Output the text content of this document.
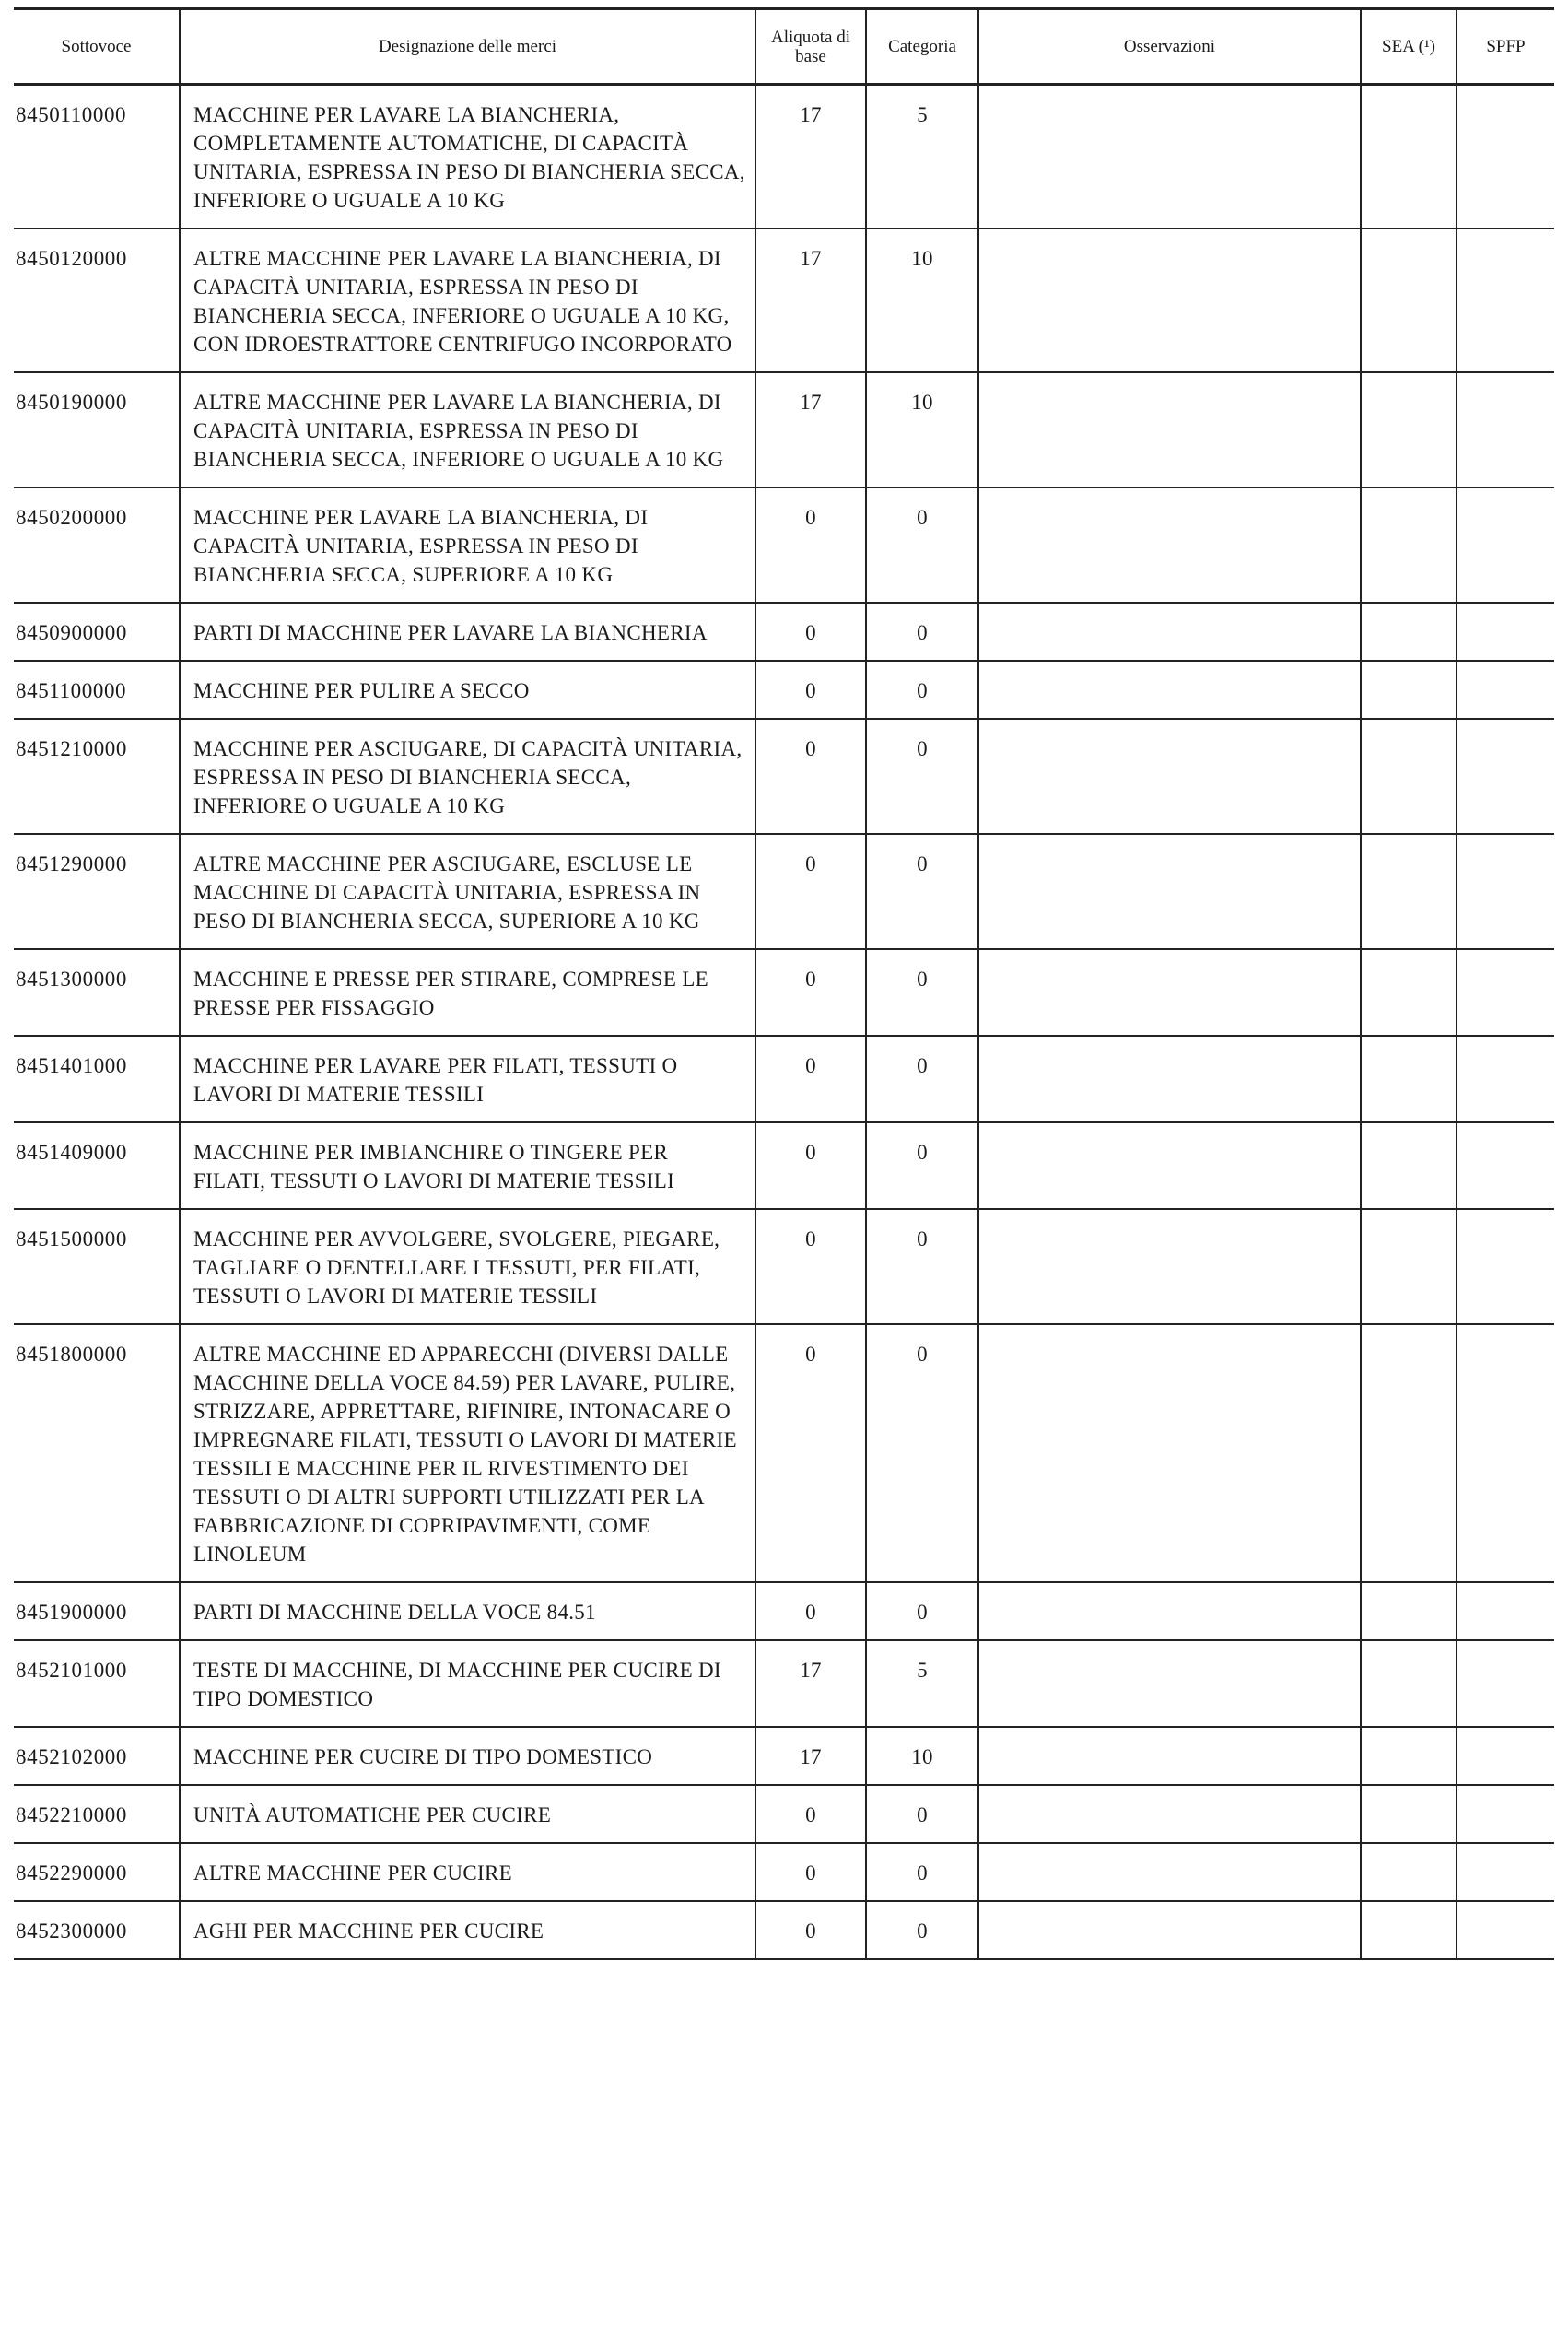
Sottovoce	Designazione delle merci	Aliquota di base	Categoria	Osservazioni	SEA (¹)	SPFP
8450110000	MACCHINE PER LAVARE LA BIANCHERIA, COMPLETAMENTE AUTOMATICHE, DI CAPACITÀ UNITARIA, ESPRESSA IN PESO DI BIANCHERIA SECCA, INFERIORE O UGUALE A 10 KG	17	5			
8450120000	ALTRE MACCHINE PER LAVARE LA BIANCHERIA, DI CAPACITÀ UNITARIA, ESPRESSA IN PESO DI BIANCHERIA SECCA, INFERIORE O UGUALE A 10 KG, CON IDROESTRATTORE CENTRIFUGO INCORPORATO	17	10			
8450190000	ALTRE MACCHINE PER LAVARE LA BIANCHERIA, DI CAPACITÀ UNITARIA, ESPRESSA IN PESO DI BIANCHERIA SECCA, INFERIORE O UGUALE A 10 KG	17	10			
8450200000	MACCHINE PER LAVARE LA BIANCHERIA, DI CAPACITÀ UNITARIA, ESPRESSA IN PESO DI BIANCHERIA SECCA, SUPERIORE A 10 KG	0	0			
8450900000	PARTI DI MACCHINE PER LAVARE LA BIANCHERIA	0	0			
8451100000	MACCHINE PER PULIRE A SECCO	0	0			
8451210000	MACCHINE PER ASCIUGARE, DI CAPACITÀ UNITARIA, ESPRESSA IN PESO DI BIANCHERIA SECCA, INFERIORE O UGUALE A 10 KG	0	0			
8451290000	ALTRE MACCHINE PER ASCIUGARE, ESCLUSE LE MACCHINE DI CAPACITÀ UNITARIA, ESPRESSA IN PESO DI BIANCHERIA SECCA, SUPERIORE A 10 KG	0	0			
8451300000	MACCHINE E PRESSE PER STIRARE, COMPRESE LE PRESSE PER FISSAGGIO	0	0			
8451401000	MACCHINE PER LAVARE PER FILATI, TESSUTI O LAVORI DI MATERIE TESSILI	0	0			
8451409000	MACCHINE PER IMBIANCHIRE O TINGERE PER FILATI, TESSUTI O LAVORI DI MATERIE TESSILI	0	0			
8451500000	MACCHINE PER AVVOLGERE, SVOLGERE, PIEGARE, TAGLIARE O DENTELLARE I TESSUTI, PER FILATI, TESSUTI O LAVORI DI MATERIE TESSILI	0	0			
8451800000	ALTRE MACCHINE ED APPARECCHI (DIVERSI DALLE MACCHINE DELLA VOCE 84.59) PER LAVARE, PULIRE, STRIZZARE, APPRETTARE, RIFINIRE, INTONACARE O IMPREGNARE FILATI, TESSUTI O LAVORI DI MATERIE TESSILI E MACCHINE PER IL RIVESTIMENTO DEI TESSUTI O DI ALTRI SUPPORTI UTILIZZATI PER LA FABBRICAZIONE DI COPRIPAVIMENTI, COME LINOLEUM	0	0			
8451900000	PARTI DI MACCHINE DELLA VOCE 84.51	0	0			
8452101000	TESTE DI MACCHINE, DI MACCHINE PER CUCIRE DI TIPO DOMESTICO	17	5			
8452102000	MACCHINE PER CUCIRE DI TIPO DOMESTICO	17	10			
8452210000	UNITÀ AUTOMATICHE PER CUCIRE	0	0			
8452290000	ALTRE MACCHINE PER CUCIRE	0	0			
8452300000	AGHI PER MACCHINE PER CUCIRE	0	0			
